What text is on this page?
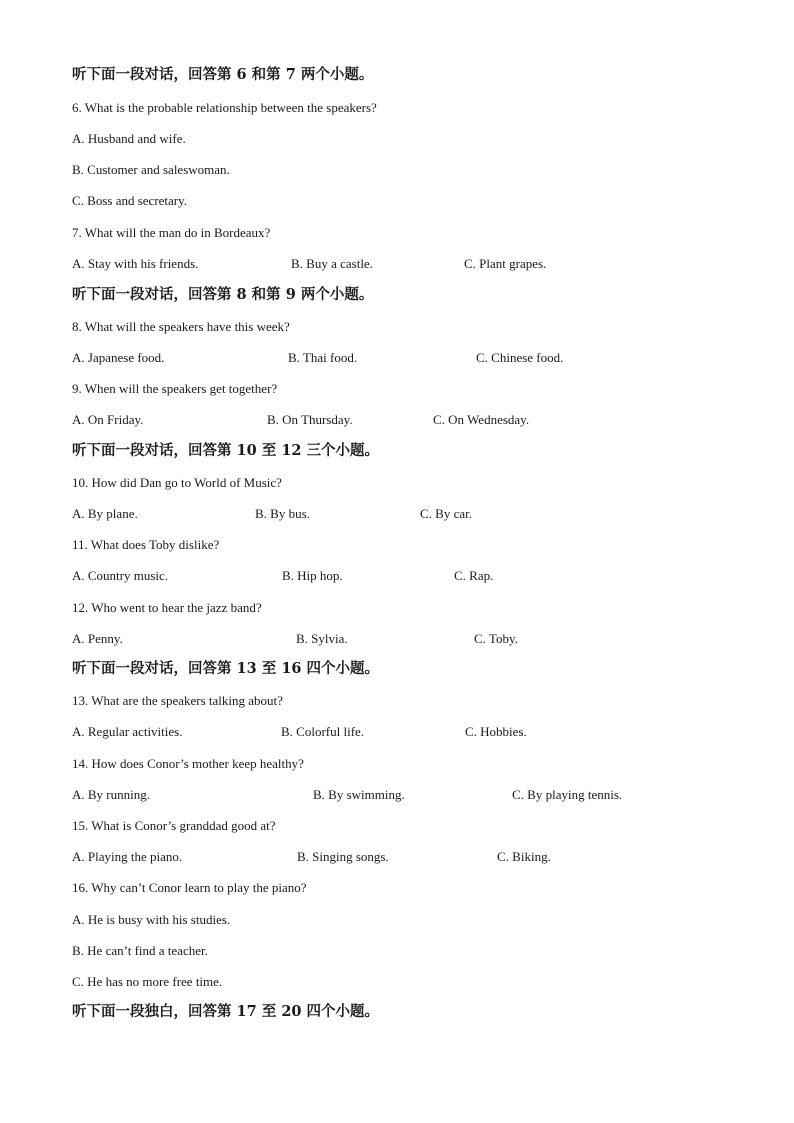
听下面一段对话，回答第 6 和第 7 两个小题。
6. What is the probable relationship between the speakers?
A. Husband and wife.
B. Customer and saleswoman.
C. Boss and secretary.
7. What will the man do in Bordeaux?
A. Stay with his friends.	B. Buy a castle.	C. Plant grapes.
听下面一段对话，回答第 8 和第 9 两个小题。
8. What will the speakers have this week?
A. Japanese food.	B. Thai food.	C. Chinese food.
9. When will the speakers get together?
A. On Friday.	B. On Thursday.	C. On Wednesday.
听下面一段对话，回答第 10 至 12 三个小题。
10. How did Dan go to World of Music?
A. By plane.	B. By bus.	C. By car.
11. What does Toby dislike?
A. Country music.	B. Hip hop.	C. Rap.
12. Who went to hear the jazz band?
A. Penny.	B. Sylvia.	C. Toby.
听下面一段对话，回答第 13 至 16 四个小题。
13. What are the speakers talking about?
A. Regular activities.	B. Colorful life.	C. Hobbies.
14. How does Conor’s mother keep healthy?
A. By running.	B. By swimming.	C. By playing tennis.
15. What is Conor’s granddad good at?
A. Playing the piano.	B. Singing songs.	C. Biking.
16. Why can’t Conor learn to play the piano?
A. He is busy with his studies.
B. He can’t find a teacher.
C. He has no more free time.
听下面一段独白，回答第 17 至 20 四个小题。
